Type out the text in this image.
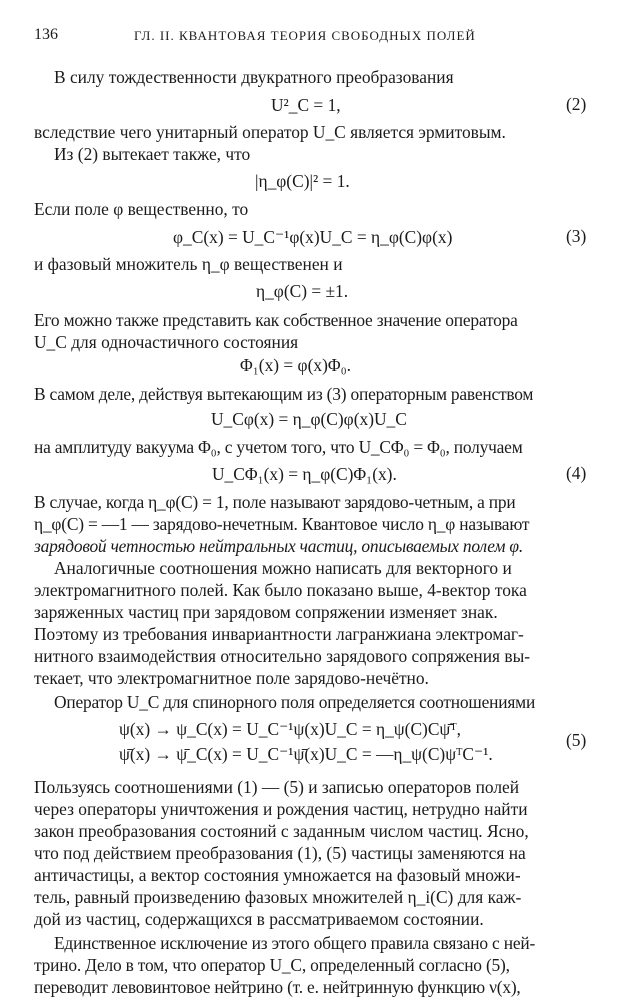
136	ГЛ. II. КВАНТОВАЯ ТЕОРИЯ СВОБОДНЫХ ПОЛЕЙ
В силу тождественности двукратного преобразования
U²_C = 1,	(2)
вследствие чего унитарный оператор U_C является эрмитовым.
Из (2) вытекает также, что
|η_φ(C)|² = 1.
Если поле φ вещественно, то
φ_C(x) = U_C⁻¹φ(x)U_C = η_φ(C)φ(x)	(3)
и фазовый множитель η_φ вещественен и
η_φ(C) = ±1.
Его можно также представить как собственное значение оператора
U_C для одночастичного состояния
Φ₁(x) = φ(x)Φ₀.
В самом деле, действуя вытекающим из (3) операторным равенством
U_Cφ(x) = η_φ(C)φ(x)U_C
на амплитуду вакуума Φ₀, с учетом того, что U_CΦ₀ = Φ₀, получаем
U_CΦ₁(x) = η_φ(C)Φ₁(x).	(4)
В случае, когда η_φ(C) = 1, поле называют зарядово-четным, а при
η_φ(C) = —1 — зарядово-нечетным. Квантовое число η_φ называют
зарядовой четностью нейтральных частиц, описываемых полем φ.
Аналогичные соотношения можно написать для векторного и
электромагнитного полей. Как было показано выше, 4-вектор тока
заряженных частиц при зарядовом сопряжении изменяет знак.
Поэтому из требования инвариантности лагранжиана электромаг-
нитного взаимодействия относительно зарядового сопряжения вы-
текает, что электромагнитное поле зарядово-нечётно.
Оператор U_C для спинорного поля определяется соотношениями
ψ(x) → ψ_C(x) = U_C⁻¹ψ(x)U_C = η_ψ(C)Cψ̄ᵀ,
ψ̄(x) → ψ̄_C(x) = U_C⁻¹ψ̄(x)U_C = —η_ψ(C)ψᵀC⁻¹.
(5)
Пользуясь соотношениями (1) — (5) и записью операторов полей
через операторы уничтожения и рождения частиц, нетрудно найти
закон преобразования состояний с заданным числом частиц. Ясно,
что под действием преобразования (1), (5) частицы заменяются на
античастицы, а вектор состояния умножается на фазовый множи-
тель, равный произведению фазовых множителей η_i(C) для каж-
дой из частиц, содержащихся в рассматриваемом состоянии.
Единственное исключение из этого общего правила связано с ней-
трино. Дело в том, что оператор U_C, определенный согласно (5),
переводит левовинтовое нейтрино (т. е. нейтринную функцию ν(x),
